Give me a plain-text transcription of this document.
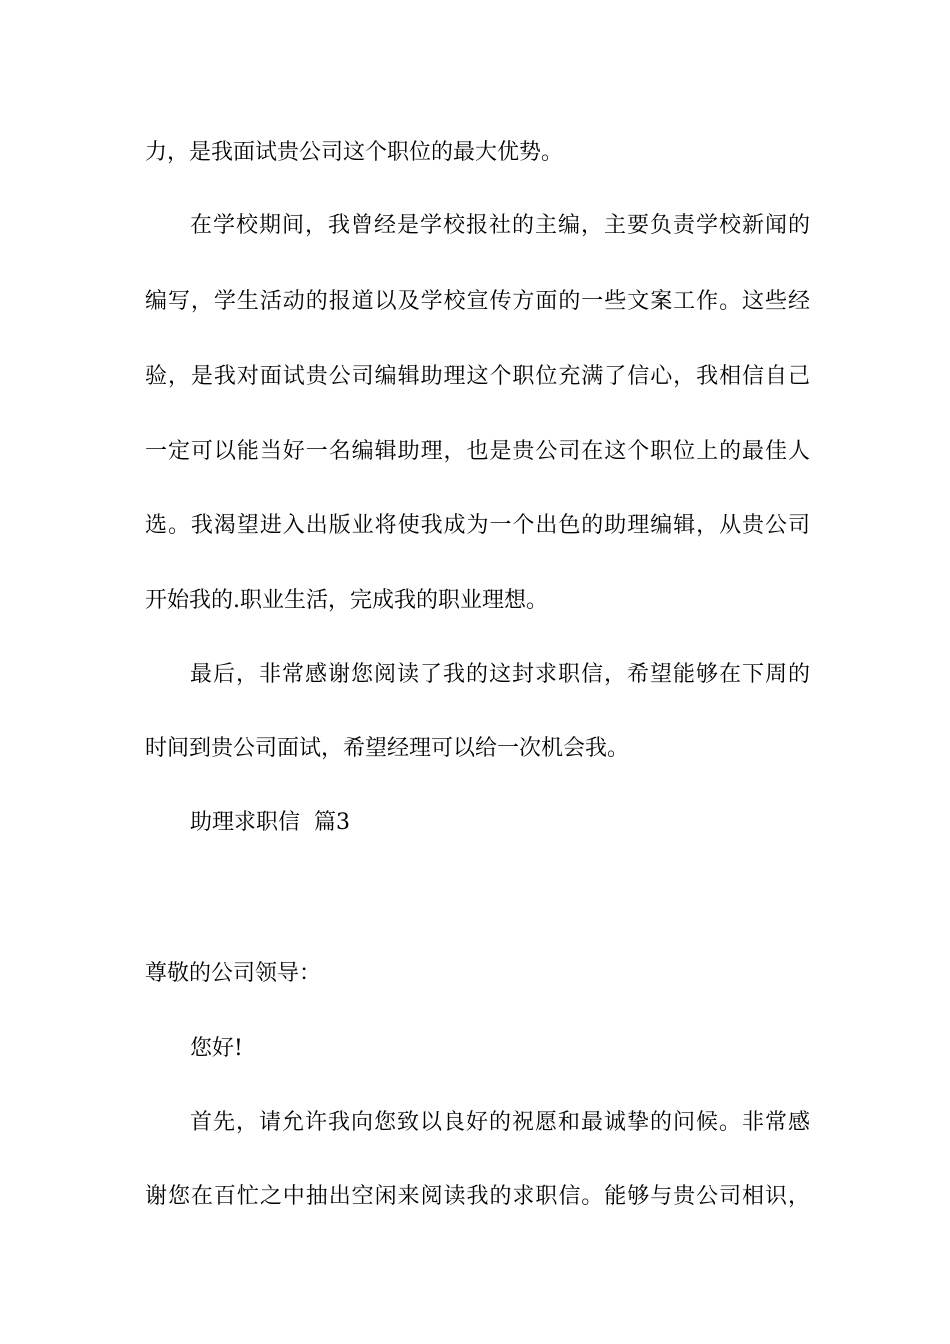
力，是我面试贵公司这个职位的最大优势。
在学校期间，我曾经是学校报社的主编，主要负责学校新闻的
编写，学生活动的报道以及学校宣传方面的一些文案工作。这些经
验，是我对面试贵公司编辑助理这个职位充满了信心，我相信自己
一定可以能当好一名编辑助理，也是贵公司在这个职位上的最佳人
选。我渴望进入出版业将使我成为一个出色的助理编辑，从贵公司
开始我的.职业生活，完成我的职业理想。
最后，非常感谢您阅读了我的这封求职信，希望能够在下周的
时间到贵公司面试，希望经理可以给一次机会我。
助理求职信  篇3
尊敬的公司领导：
您好!
首先，请允许我向您致以良好的祝愿和最诚挚的问候。非常感
谢您在百忙之中抽出空闲来阅读我的求职信。能够与贵公司相识，
